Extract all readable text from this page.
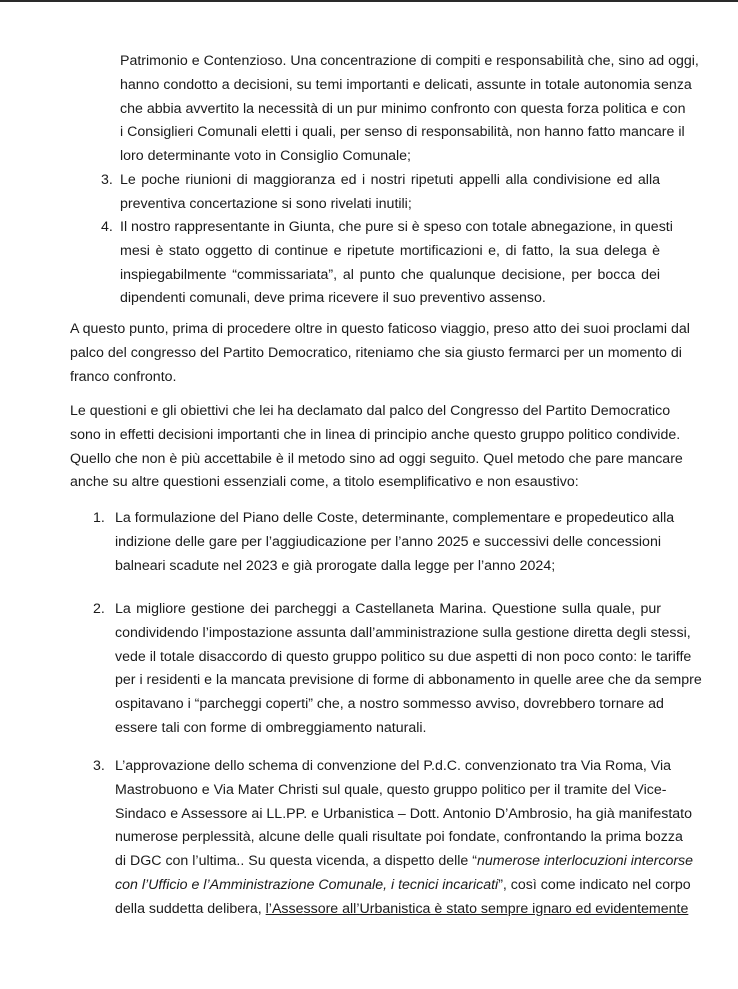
Patrimonio e Contenzioso. Una concentrazione di compiti e responsabilità che, sino ad oggi,
hanno condotto a decisioni, su temi importanti e delicati, assunte in totale autonomia senza
che abbia avvertito la necessità di un pur minimo confronto con questa forza politica e con
i Consiglieri Comunali eletti i quali, per senso di responsabilità, non hanno fatto mancare il
loro determinante voto in Consiglio Comunale;
3. Le poche riunioni di maggioranza ed i nostri ripetuti appelli alla condivisione ed alla
preventiva concertazione si sono rivelati inutili;
4. Il nostro rappresentante in Giunta, che pure si è speso con totale abnegazione, in questi
mesi è stato oggetto di continue e ripetute mortificazioni e, di fatto, la sua delega è
inspiegabilmente “commissariata”, al punto che qualunque decisione, per bocca dei
dipendenti comunali, deve prima ricevere il suo preventivo assenso.
A questo punto, prima di procedere oltre in questo faticoso viaggio, preso atto dei suoi proclami dal
palco del congresso del Partito Democratico, riteniamo che sia giusto fermarci per un momento di
franco confronto.
Le questioni e gli obiettivi che lei ha declamato dal palco del Congresso del Partito Democratico
sono in effetti decisioni importanti che in linea di principio anche questo gruppo politico condivide.
Quello che non è più accettabile è il metodo sino ad oggi seguito. Quel metodo che pare mancare
anche su altre questioni essenziali come, a titolo esemplificativo e non esaustivo:
1. La formulazione del Piano delle Coste, determinante, complementare e propedeutico alla
indizione delle gare per l’aggiudicazione per l’anno 2025 e successivi delle concessioni
balneari scadute nel 2023 e già prorogate dalla legge per l’anno 2024;
2. La migliore gestione dei parcheggi a Castellaneta Marina. Questione sulla quale, pur
condividendo l’impostazione assunta dall’amministrazione sulla gestione diretta degli stessi,
vede il totale disaccordo di questo gruppo politico su due aspetti di non poco conto: le tariffe
per i residenti e la mancata previsione di forme di abbonamento in quelle aree che da sempre
ospitavano i “parcheggi coperti” che, a nostro sommesso avviso, dovrebbero tornare ad
essere tali con forme di ombreggiamento naturali.
3. L’approvazione dello schema di convenzione del P.d.C. convenzionato tra Via Roma, Via
Mastrobuono e Via Mater Christi sul quale, questo gruppo politico per il tramite del Vice-
Sindaco e Assessore ai LL.PP. e Urbanistica – Dott. Antonio D’Ambrosio, ha già manifestato
numerose perplessità, alcune delle quali risultate poi fondate, confrontando la prima bozza
di DGC con l’ultima.. Su questa vicenda, a dispetto delle “numerose interlocuzioni intercorse
con l’Ufficio e l’Amministrazione Comunale, i tecnici incaricati”, così come indicato nel corpo
della suddetta delibera, l’Assessore all’Urbanistica è stato sempre ignaro ed evidentemente
